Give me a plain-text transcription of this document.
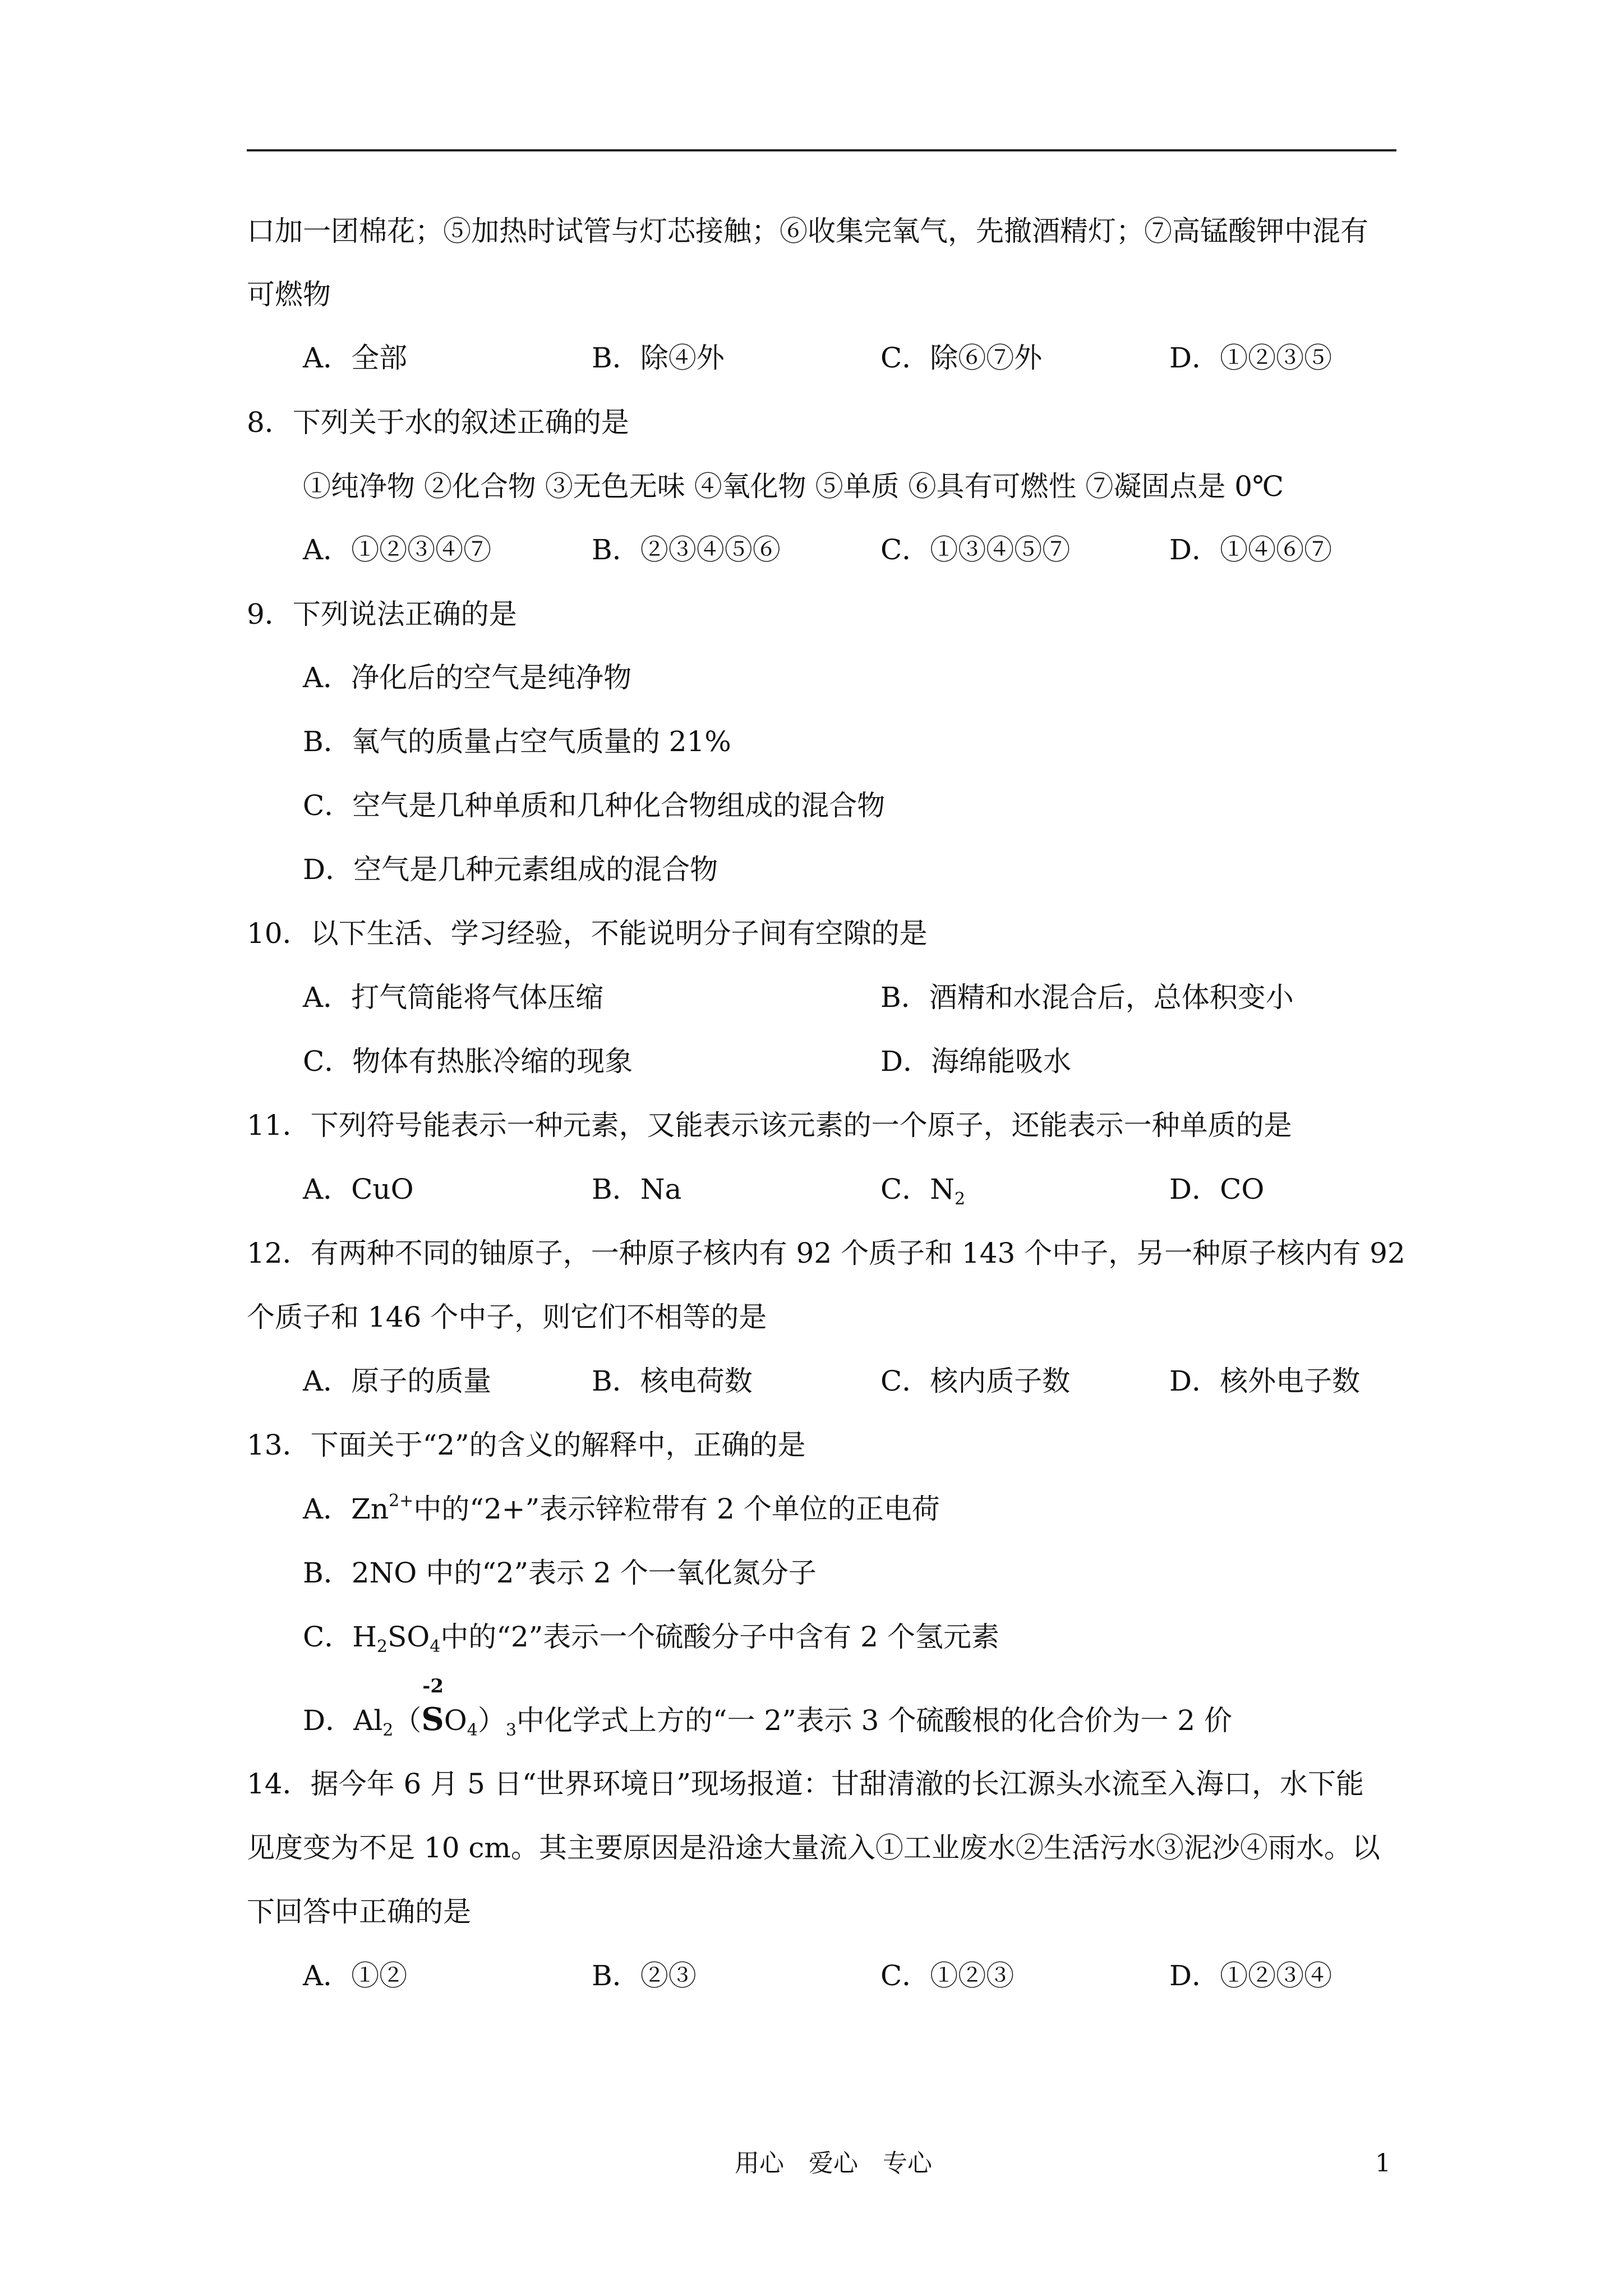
口加一团棉花；⑤加热时试管与灯芯接触；⑥收集完氧气，先撤酒精灯；⑦高锰酸钾中混有
可燃物
A．全部	B．除④外	C．除⑥⑦外	D．①②③⑤
8．下列关于水的叙述正确的是
①纯净物 ②化合物 ③无色无味 ④氧化物 ⑤单质 ⑥具有可燃性 ⑦凝固点是 0℃
A．①②③④⑦	B．②③④⑤⑥	C．①③④⑤⑦	D．①④⑥⑦
9．下列说法正确的是
A．净化后的空气是纯净物
B．氧气的质量占空气质量的 21%
C．空气是几种单质和几种化合物组成的混合物
D．空气是几种元素组成的混合物
10．以下生活、学习经验，不能说明分子间有空隙的是
A．打气筒能将气体压缩	B．酒精和水混合后，总体积变小
C．物体有热胀冷缩的现象	D．海绵能吸水
11．下列符号能表示一种元素，又能表示该元素的一个原子，还能表示一种单质的是
A．CuO	B．Na	C．$N_2$	D．CO
12．有两种不同的铀原子，一种原子核内有 92 个质子和 143 个中子，另一种原子核内有 92
个质子和 146 个中子，则它们不相等的是
A．原子的质量	B．核电荷数	C．核内质子数	D．核外电子数
13．下面关于“2”的含义的解释中，正确的是
A．$Zn^{2+}$中的“2+”表示锌粒带有 2 个单位的正电荷
B．2NO 中的“2”表示 2 个一氧化氮分子
C．$H_2SO_4$中的“2”表示一个硫酸分子中含有 2 个氢元素
D．$Al_2$（
-2
$SO_4)_3$中化学式上方的“一 2”表示 3 个硫酸根的化合价为一 2 价
14．据今年 6 月 5 日“世界环境日”现场报道：甘甜清澈的长江源头水流至入海口，水下能
见度变为不足 10 cm。其主要原因是沿途大量流入①工业废水②生活污水③泥沙④雨水。以
下回答中正确的是
A．①②	B．②③	C．①②③	D．①②③④
用心　爱心　专心	1
